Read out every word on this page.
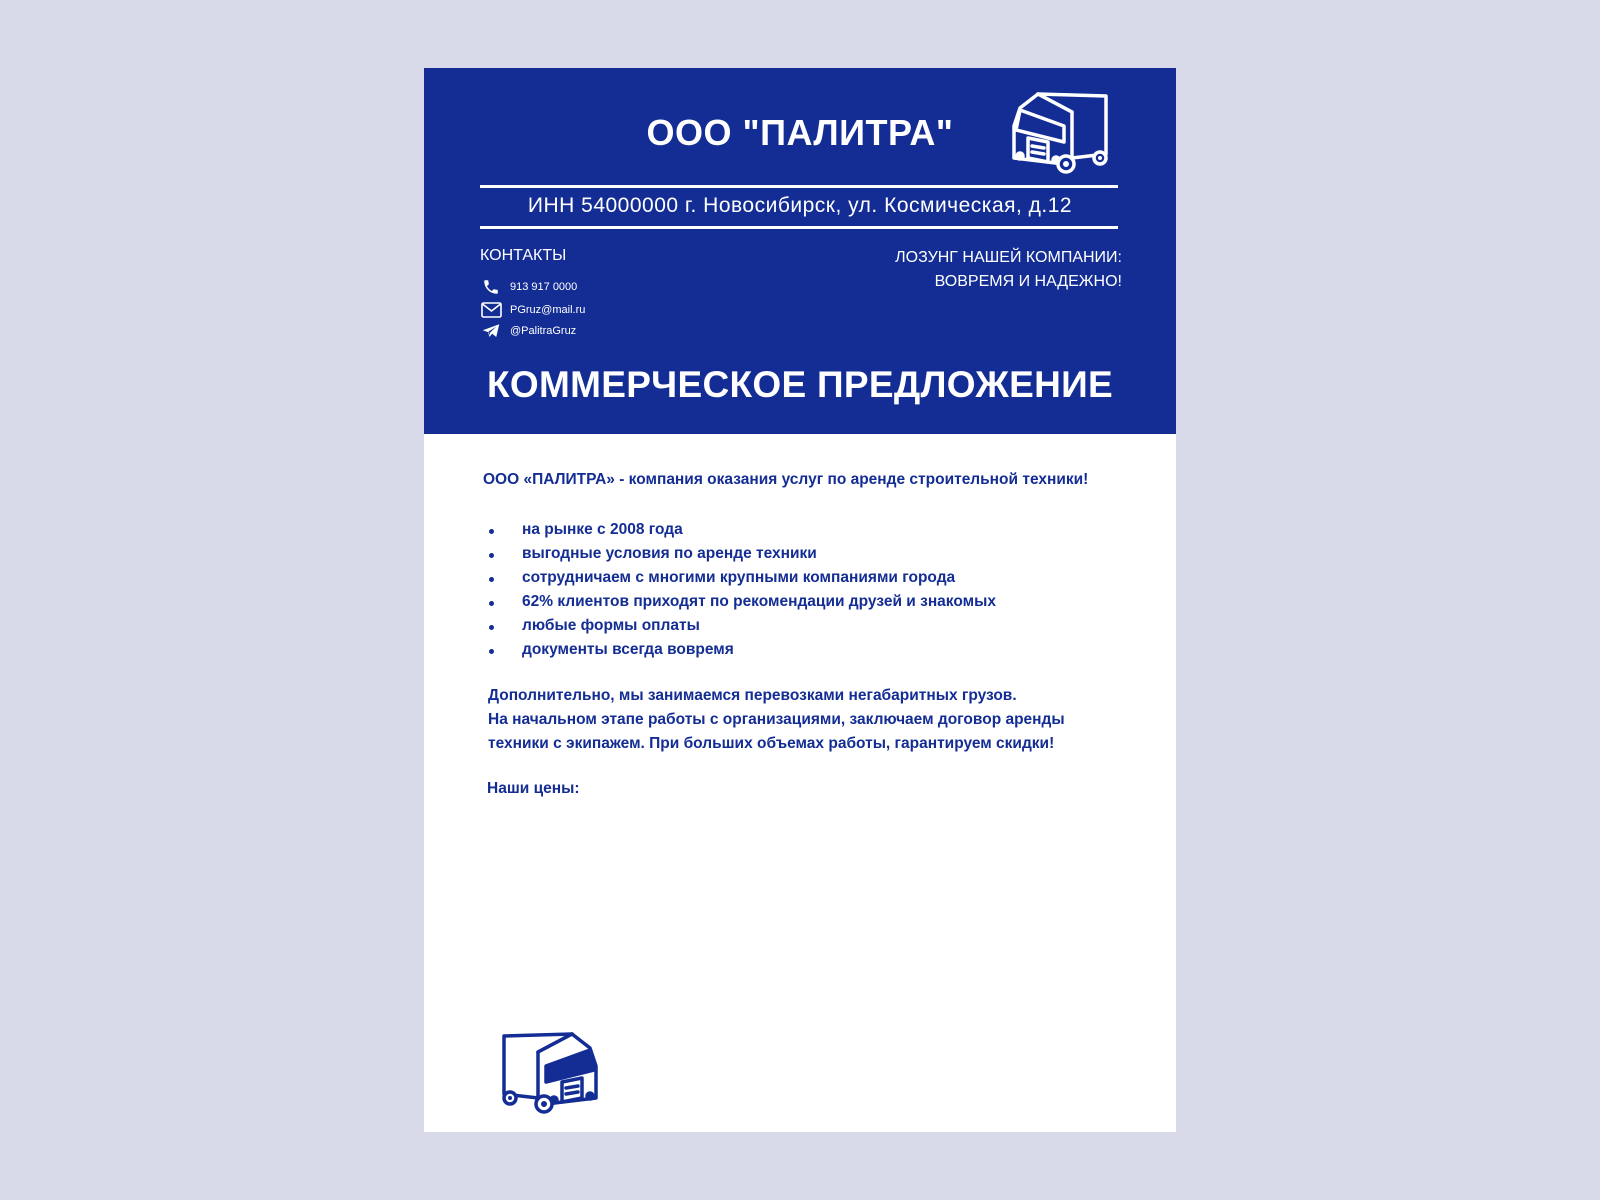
ООО "ПАЛИТРА"
ИНН 54000000 г. Новосибирск, ул. Космическая, д.12
КОНТАКТЫ
913 917 0000
PGruz@mail.ru
@PalitraGruz
ЛОЗУНГ НАШЕЙ КОМПАНИИ:
ВОВРЕМЯ И НАДЕЖНО!
КОММЕРЧЕСКОЕ ПРЕДЛОЖЕНИЕ
ООО «ПАЛИТРА» - компания оказания услуг по аренде строительной техники!
на рынке с 2008 года
выгодные условия по аренде техники
сотрудничаем с многими крупными компаниями города
62% клиентов приходят по рекомендации друзей и знакомых
любые формы оплаты
документы всегда вовремя
Дополнительно, мы занимаемся перевозками негабаритных грузов.
На начальном этапе работы с организациями, заключаем договор аренды
техники с экипажем. При больших объемах работы, гарантируем скидки!
Наши цены:
